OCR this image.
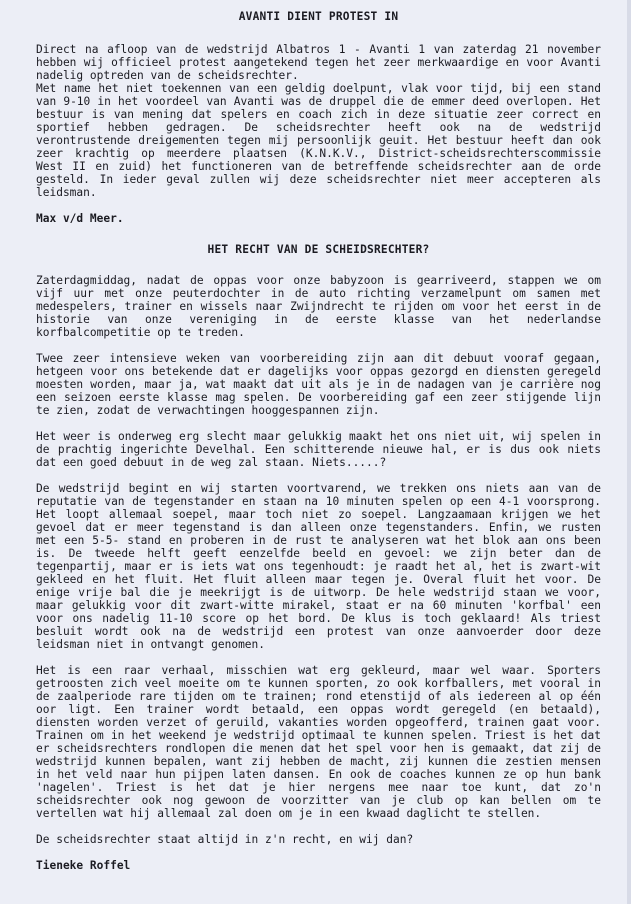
AVANTI DIENT PROTEST IN

Direct na afloop van de wedstrijd Albatros 1 - Avanti 1 van zaterdag 21 november hebben wij officieel protest aangetekend tegen het zeer merkwaardige en voor Avanti nadelig optreden van de scheidsrechter.

Met name het niet toekennen van een geldig doelpunt, vlak voor tijd, bij een stand van 9-10 in het voordeel van Avanti was de druppel die de emmer deed overlopen. Het bestuur is van mening dat spelers en coach zich in deze situatie zeer correct en sportief hebben gedragen. De scheidsrechter heeft ook na de wedstrijd verontrustende dreigementen tegen mij persoonlijk geuit. Het bestuur heeft dan ook zeer krachtig op meerdere plaatsen (K.N.K.V., District-scheidsrechterscommissie West II en zuid) het functioneren van de betreffende scheidsrechter aan de orde gesteld. In ieder geval zullen wij deze scheidsrechter niet meer accepteren als leidsman.

Max v/d Meer.

HET RECHT VAN DE SCHEIDSRECHTER?

Zaterdagmiddag, nadat de oppas voor onze babyzoon is gearriveerd, stappen we om vijf uur met onze peuterdochter in de auto richting verzamelpunt om samen met medespelers, trainer en wissels naar Zwijndrecht te rijden om voor het eerst in de historie van onze vereniging in de eerste klasse van het nederlandse korfbalcompetitie op te treden.

Twee zeer intensieve weken van voorbereiding zijn aan dit debuut vooraf gegaan, hetgeen voor ons betekende dat er dagelijks voor oppas gezorgd en diensten geregeld moesten worden, maar ja, wat maakt dat uit als je in de nadagen van je carrière nog een seizoen eerste klasse mag spelen. De voorbereiding gaf een zeer stijgende lijn te zien, zodat de verwachtingen hooggespannen zijn.

Het weer is onderweg erg slecht maar gelukkig maakt het ons niet uit, wij spelen in de prachtig ingerichte Develhal. Een schitterende nieuwe hal, er is dus ook niets dat een goed debuut in de weg zal staan. Niets.....?

De wedstrijd begint en wij starten voortvarend, we trekken ons niets aan van de reputatie van de tegenstander en staan na 10 minuten spelen op een 4-1 voorsprong. Het loopt allemaal soepel, maar toch niet zo soepel. Langzaamaan krijgen we het gevoel dat er meer tegenstand is dan alleen onze tegenstanders. Enfin, we rusten met een 5-5- stand en proberen in de rust te analyseren wat het blok aan ons been is. De tweede helft geeft eenzelfde beeld en gevoel: we zijn beter dan de tegenpartij, maar er is iets wat ons tegenhoudt: je raadt het al, het is zwart-wit gekleed en het fluit. Het fluit alleen maar tegen je. Overal fluit het voor. De enige vrije bal die je meekrijgt is de uitworp. De hele wedstrijd staan we voor, maar gelukkig voor dit zwart-witte mirakel, staat er na 60 minuten 'korfbal' een voor ons nadelig 11-10 score op het bord. De klus is toch geklaard! Als triest besluit wordt ook na de wedstrijd een protest van onze aanvoerder door deze leidsman niet in ontvangt genomen.

Het is een raar verhaal, misschien wat erg gekleurd, maar wel waar. Sporters getroosten zich veel moeite om te kunnen sporten, zo ook korfballers, met vooral in de zaalperiode rare tijden om te trainen; rond etenstijd of als iedereen al op één oor ligt. Een trainer wordt betaald, een oppas wordt geregeld (en betaald), diensten worden verzet of geruild, vakanties worden opgeofferd, trainen gaat voor. Trainen om in het weekend je wedstrijd optimaal te kunnen spelen. Triest is het dat er scheidsrechters rondlopen die menen dat het spel voor hen is gemaakt, dat zij de wedstrijd kunnen bepalen, want zij hebben de macht, zij kunnen die zestien mensen in het veld naar hun pijpen laten dansen. En ook de coaches kunnen ze op hun bank 'nagelen'. Triest is het dat je hier nergens mee naar toe kunt, dat zo'n scheidsrechter ook nog gewoon de voorzitter van je club op kan bellen om te vertellen wat hij allemaal zal doen om je in een kwaad daglicht te stellen.

De scheidsrechter staat altijd in z'n recht, en wij dan?

Tieneke Roffel
